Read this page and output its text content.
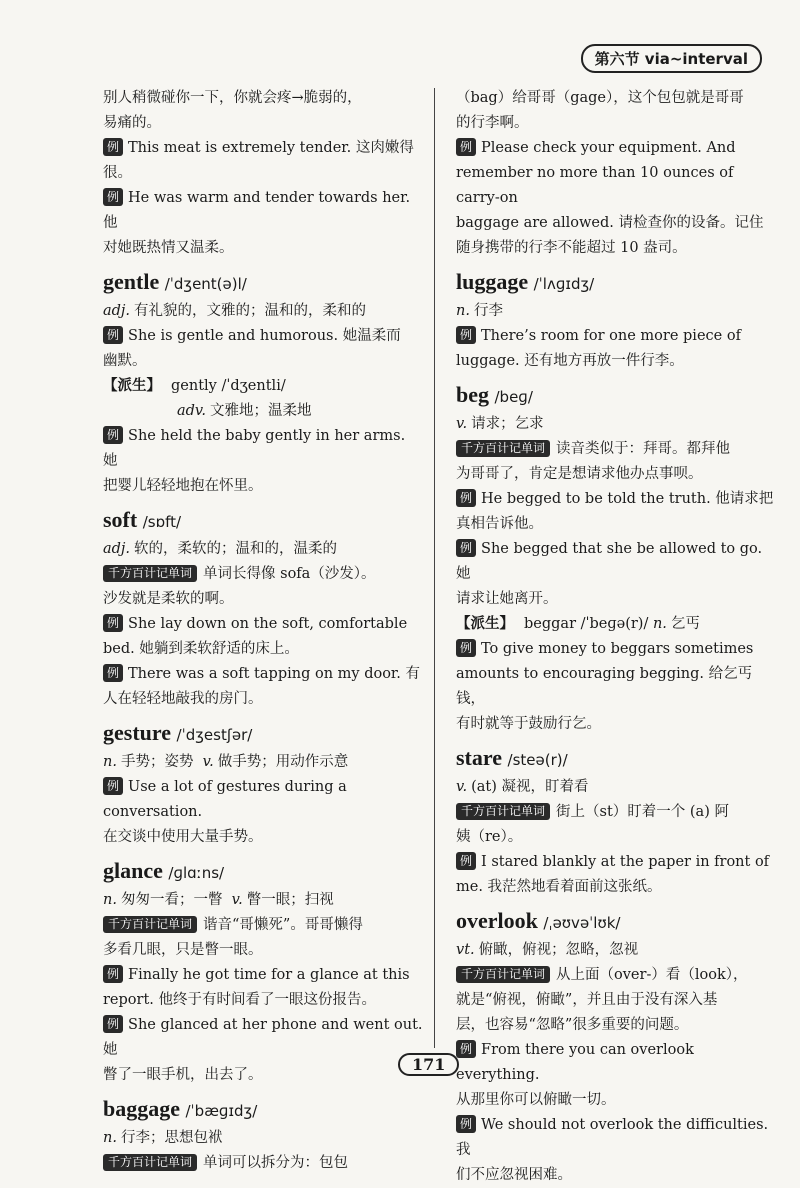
第六节 via~interval
别人稍微碰你一下，你就会疼→脆弱的，
易痛的。
例 This meat is extremely tender. 这肉嫩得很。
例 He was warm and tender towards her. 他
对她既热情又温柔。
gentle /ˈdʒent(ə)l/
adj. 有礼貌的，文雅的；温和的，柔和的
例 She is gentle and humorous. 她温柔而
幽默。
【派生】 gently /ˈdʒentli/
adv. 文雅地；温柔地
例 She held the baby gently in her arms. 她
把婴儿轻轻地抱在怀里。
soft /sɒft/
adj. 软的，柔软的；温和的，温柔的
千方百计记单词 单词长得像 sofa（沙发）。
沙发就是柔软的啊。
例 She lay down on the soft, comfortable
bed. 她躺到柔软舒适的床上。
例 There was a soft tapping on my door. 有
人在轻轻地敲我的房门。
gesture /ˈdʒestʃər/
n. 手势；姿势 v. 做手势；用动作示意
例 Use a lot of gestures during a conversation.
在交谈中使用大量手势。
glance /ɡlɑːns/
n. 匆匆一看；一瞥 v. 瞥一眼；扫视
千方百计记单词 谐音“哥懒死”。哥哥懒得
多看几眼，只是瞥一眼。
例 Finally he got time for a glance at this
report. 他终于有时间看了一眼这份报告。
例 She glanced at her phone and went out. 她
瞥了一眼手机，出去了。
baggage /ˈbæɡɪdʒ/
n. 行李；思想包袱
千方百计记单词 单词可以拆分为：包包
（bag）给哥哥（gage），这个包包就是哥哥
的行李啊。
例 Please check your equipment. And
remember no more than 10 ounces of carry-on
baggage are allowed. 请检查你的设备。记住
随身携带的行李不能超过 10 盎司。
luggage /ˈlʌɡɪdʒ/
n. 行李
例 There’s room for one more piece of
luggage. 还有地方再放一件行李。
beg /beɡ/
v. 请求；乞求
千方百计记单词 读音类似于：拜哥。都拜他
为哥哥了，肯定是想请求他办点事呗。
例 He begged to be told the truth. 他请求把
真相告诉他。
例 She begged that she be allowed to go. 她
请求让她离开。
【派生】 beggar /ˈbeɡə(r)/ n. 乞丐
例 To give money to beggars sometimes
amounts to encouraging begging. 给乞丐钱，
有时就等于鼓励行乞。
stare /steə(r)/
v. (at) 凝视，盯着看
千方百计记单词 街上（st）盯着一个 (a) 阿
姨（re）。
例 I stared blankly at the paper in front of
me. 我茫然地看着面前这张纸。
overlook /ˌəʊvəˈlʊk/
vt. 俯瞰，俯视；忽略，忽视
千方百计记单词 从上面（over-）看（look），
就是“俯视，俯瞰”，并且由于没有深入基
层，也容易“忽略”很多重要的问题。
例 From there you can overlook everything.
从那里你可以俯瞰一切。
例 We should not overlook the difficulties. 我
们不应忽视困难。
171
